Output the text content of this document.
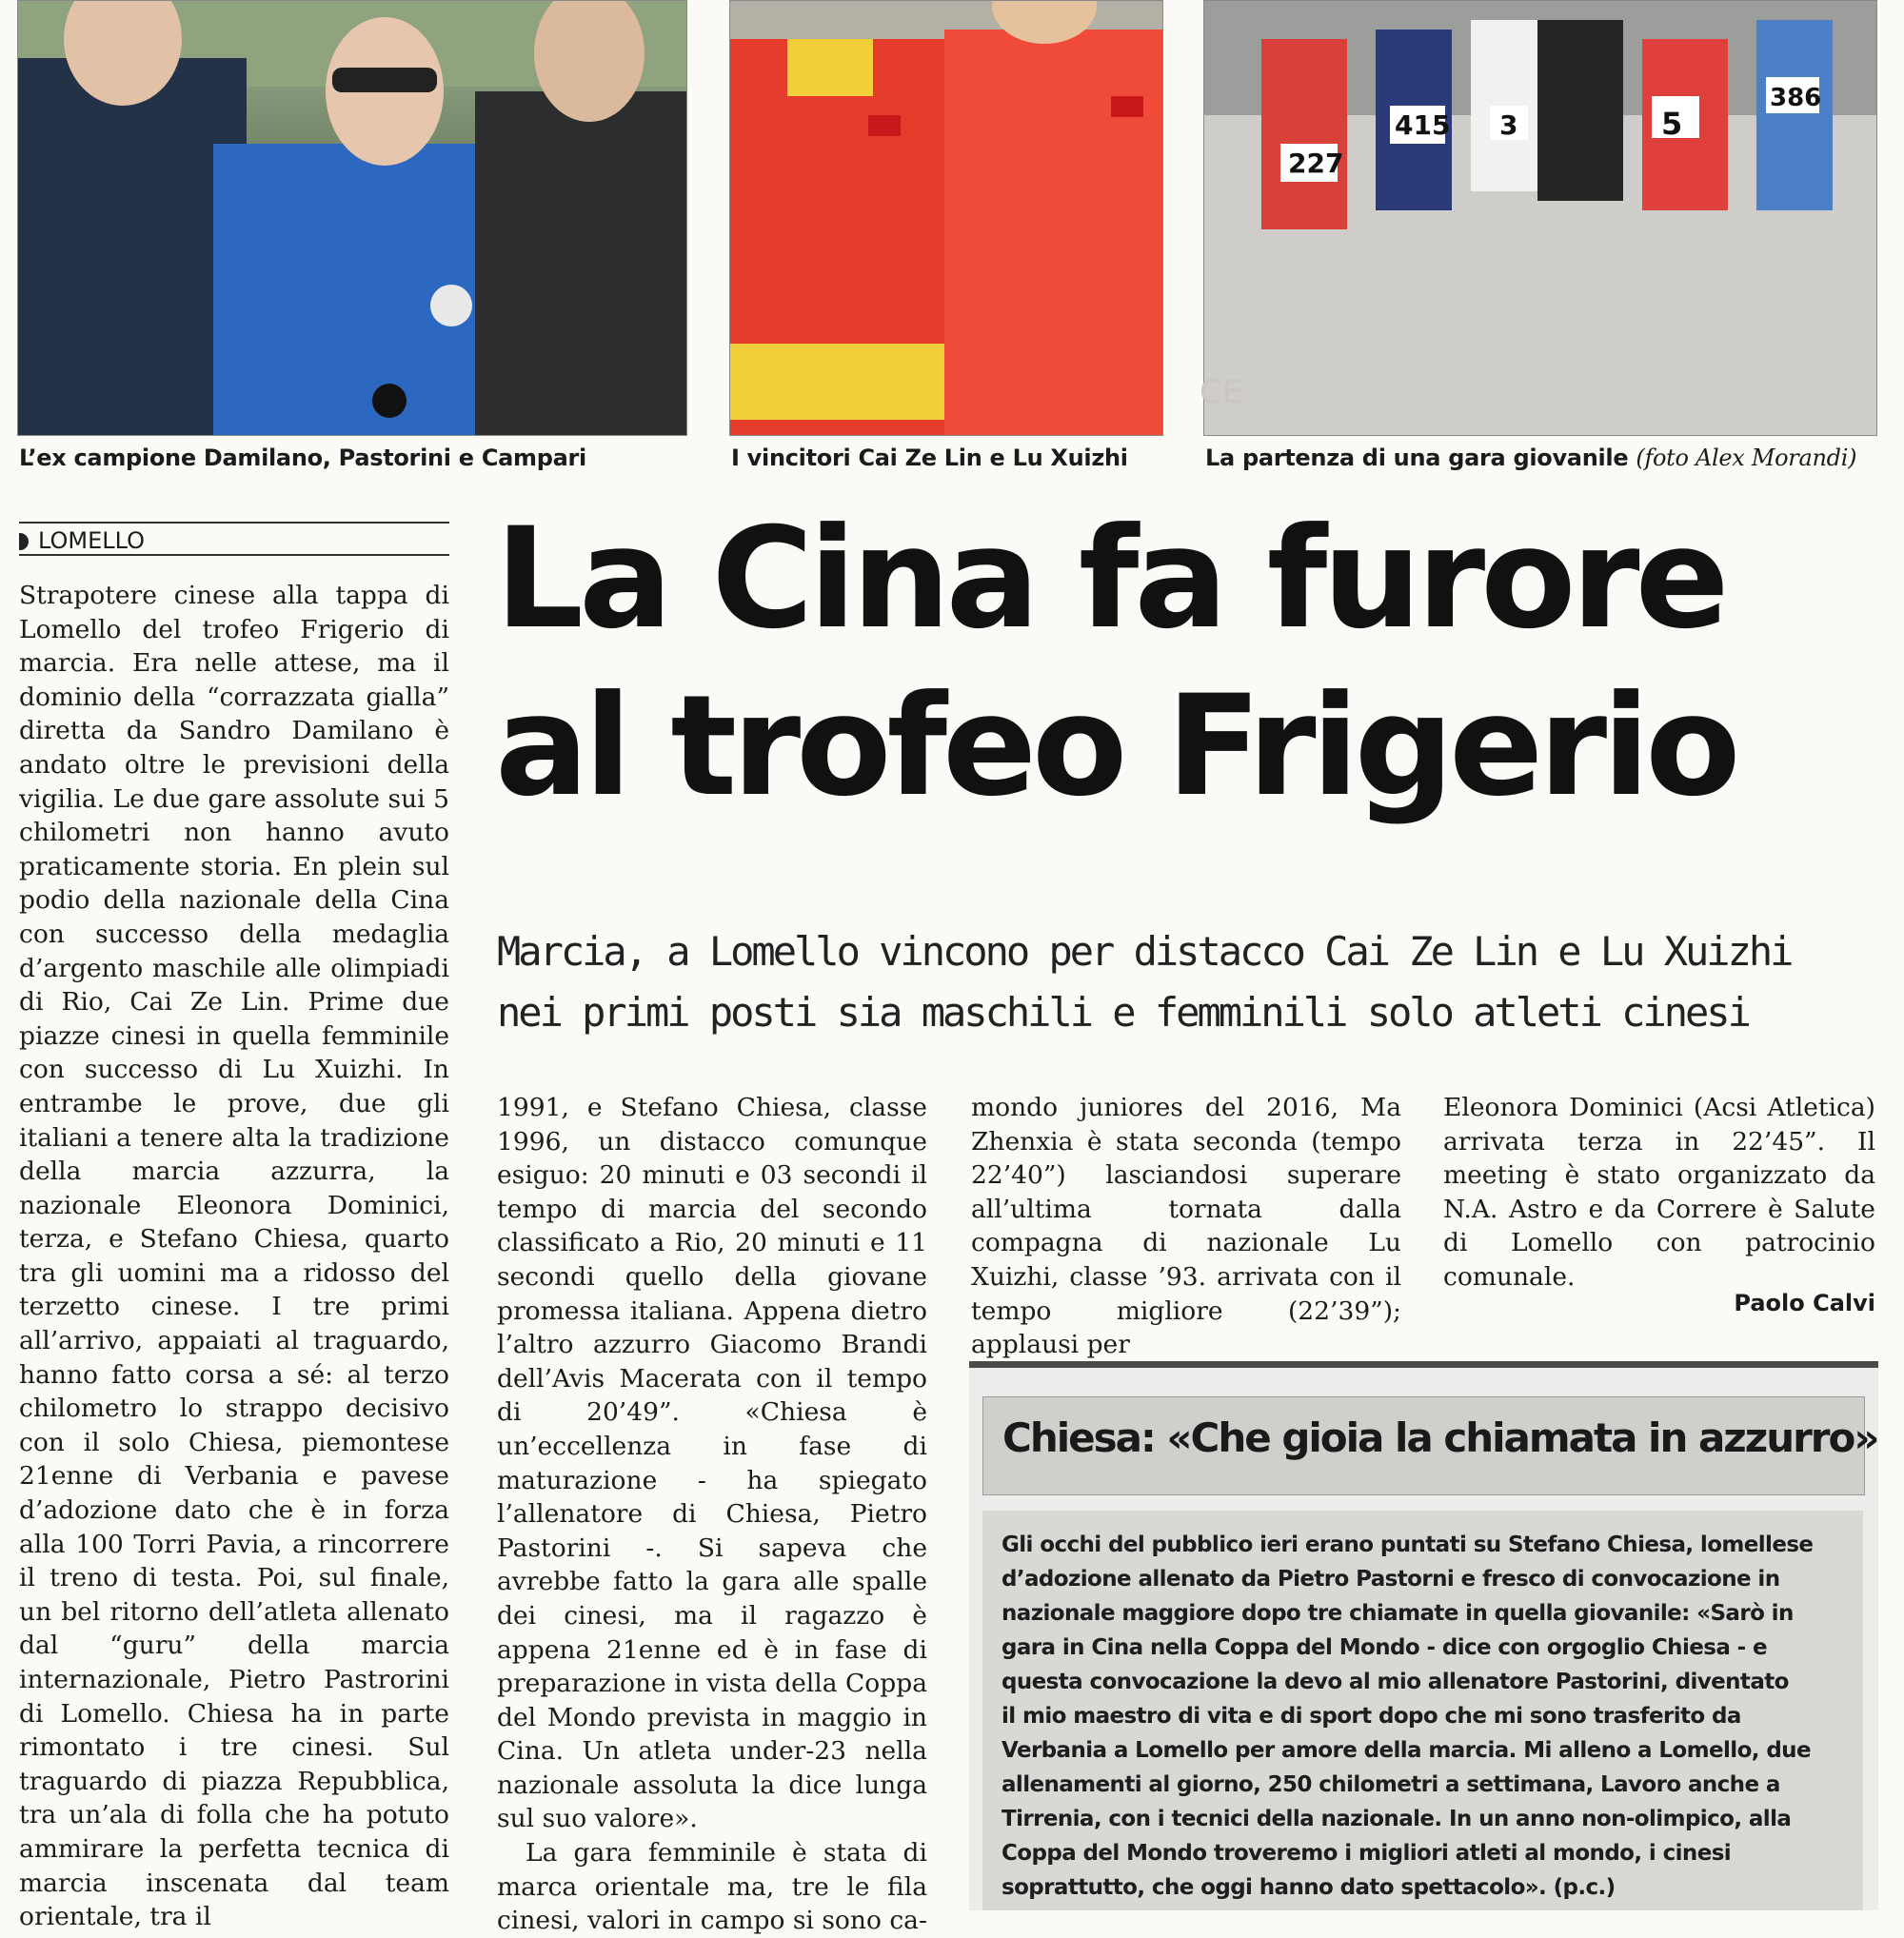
227
415	5
3
386
L’ex campione Damilano, Pastorini e Campari	I vincitori Cai Ze Lin e Lu Xuizhi	La partenza di una gara giovanile (foto Alex Morandi)
CE
LOMELLO	La Cina fa furore
al trofeo Frigerio
Marcia, a Lomello vincono per distacco Cai Ze Lin e Lu Xuizhi
nei primi posti sia maschili e femminili solo atleti cinesi

Strapotere cinese alla tappa di Lomello del trofeo Frigerio di marcia. Era nelle attese, ma il dominio della “corrazzata gialla” diretta da Sandro Damilano è andato oltre le previsioni della vigilia. Le due gare assolute sui 5 chilometri non hanno avuto praticamente storia. En plein sul podio della nazionale della Cina con successo della medaglia d’argento maschile alle olimpiadi di Rio, Cai Ze Lin. Prime due piazze cinesi in quella femminile con successo di Lu Xuizhi. In entrambe le prove, due gli italiani a tenere alta la tradizione della marcia azzurra, la nazionale Eleonora Dominici, terza, e Stefano Chiesa, quarto tra gli uomini ma a ridosso del terzetto cinese. I tre primi all’arrivo, appaiati al traguardo, hanno fatto corsa a sé: al terzo chilometro lo strappo decisivo con il solo Chiesa, piemontese 21enne di Verbania e pavese d’adozione dato che è in forza alla 100 Torri Pavia, a rincorrere il treno di testa. Poi, sul finale, un bel ritorno dell’atleta allenato dal “guru” della marcia internazionale, Pietro Pastrorini di Lomello. Chiesa ha in parte rimontato i tre cinesi. Sul traguardo di piazza Repubblica, tra un’ala di folla che ha potuto ammirare la perfetta tecnica di marcia inscenata dal team orientale, tra il

1991, e Stefano Chiesa, classe 1996, un distacco comunque esiguo: 20 minuti e 03 secondi il tempo di marcia del secondo classificato a Rio, 20 minuti e 11 secondi quello della giovane promessa italiana. Appena dietro l’altro azzurro Giacomo Brandi dell’Avis Macerata con il tempo di 20’49”. «Chiesa è un’eccellenza in fase di maturazione - ha spiegato l’allenatore di Chiesa, Pietro Pastorini -. Si sapeva che avrebbe fatto la gara alle spalle dei cinesi, ma il ragazzo è appena 21enne ed è in fase di preparazione in vista della Coppa del Mondo prevista in maggio in Cina. Un atleta under-23 nella nazionale assoluta la dice lunga sul suo valore».

La gara femminile è stata di marca orientale ma, tre le fila cinesi, valori in campo si sono ca-

mondo juniores del 2016, Ma Zhenxia è stata seconda (tempo 22’40”) lasciandosi superare all’ultima tornata dalla compagna di nazionale Lu Xuizhi, classe ’93. arrivata con il tempo migliore (22’39”); applausi per

Eleonora Dominici (Acsi Atletica) arrivata terza in 22’45”. Il meeting è stato organizzato da N.A. Astro e da Correre è Salute di Lomello con patrocinio comunale.

Paolo Calvi
Chiesa: «Che gioia la chiamata in azzurro»
Gli occhi del pubblico ieri erano puntati su Stefano Chiesa, lomellese
d’adozione allenato da Pietro Pastorni e fresco di convocazione in
nazionale maggiore dopo tre chiamate in quella giovanile: «Sarò in
gara in Cina nella Coppa del Mondo - dice con orgoglio Chiesa - e
questa convocazione la devo al mio allenatore Pastorini, diventato
il mio maestro di vita e di sport dopo che mi sono trasferito da
Verbania a Lomello per amore della marcia. Mi alleno a Lomello, due
allenamenti al giorno, 250 chilometri a settimana, Lavoro anche a
Tirrenia, con i tecnici della nazionale. In un anno non-olimpico, alla
Coppa del Mondo troveremo i migliori atleti al mondo, i cinesi
soprattutto, che oggi hanno dato spettacolo». (p.c.)
